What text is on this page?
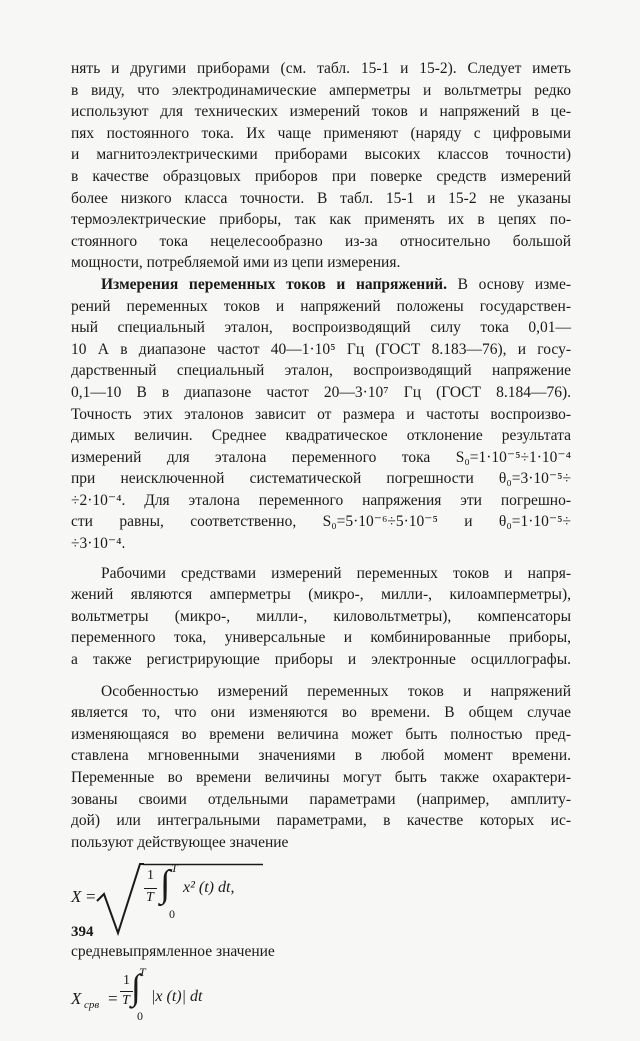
нять и другими приборами (см. табл. 15-1 и 15-2). Следует иметь
в виду, что электродинамические амперметры и вольтметры редко
используют для технических измерений токов и напряжений в це-
пях постоянного тока. Их чаще применяют (наряду с цифровыми
и магнитоэлектрическими приборами высоких классов точности)
в качестве образцовых приборов при поверке средств измерений
более низкого класса точности. В табл. 15-1 и 15-2 не указаны
термоэлектрические приборы, так как применять их в цепях по-
стоянного тока нецелесообразно из-за относительно большой
мощности, потребляемой ими из цепи измерения.
Измерения переменных токов и напряжений. В основу изме-
рений переменных токов и напряжений положены государствен-
ный специальный эталон, воспроизводящий силу тока 0,01—
10 А в диапазоне частот 40—1·10⁵ Гц (ГОСТ 8.183—76), и госу-
дарственный специальный эталон, воспроизводящий напряжение
0,1—10 В в диапазоне частот 20—3·10⁷ Гц (ГОСТ 8.184—76).
Точность этих эталонов зависит от размера и частоты воспроизво-
димых величин. Среднее квадратическое отклонение результата
измерений для эталона переменного тока S₀=1·10⁻⁵÷1·10⁻⁴
при неисключенной систематической погрешности θ₀=3·10⁻⁵÷
÷2·10⁻⁴. Для эталона переменного напряжения эти погрешно-
сти равны, соответственно, S₀=5·10⁻⁶÷5·10⁻⁵ и θ₀=1·10⁻⁵÷
÷3·10⁻⁴.
Рабочими средствами измерений переменных токов и напря-
жений являются амперметры (микро-, милли-, килоамперметры),
вольтметры (микро-, милли-, киловольтметры), компенсаторы
переменного тока, универсальные и комбинированные приборы,
а также регистрирующие приборы и электронные осциллографы.
Особенностью измерений переменных токов и напряжений
является то, что они изменяются во времени. В общем случае
изменяющаяся во времени величина может быть полностью пред-
ставлена мгновенными значениями в любой момент времени.
Переменные во времени величины могут быть также охарактери-
зованы своими отдельными параметрами (например, амплиту-
дой) или интегральными параметрами, в качестве которых ис-
пользуют действующее значение
X =
1
T
T
∫
0
x² (t) dt,
средневыпрямленное значение
X срв =
1
T
T
∫
0
|x (t)| dt
394
